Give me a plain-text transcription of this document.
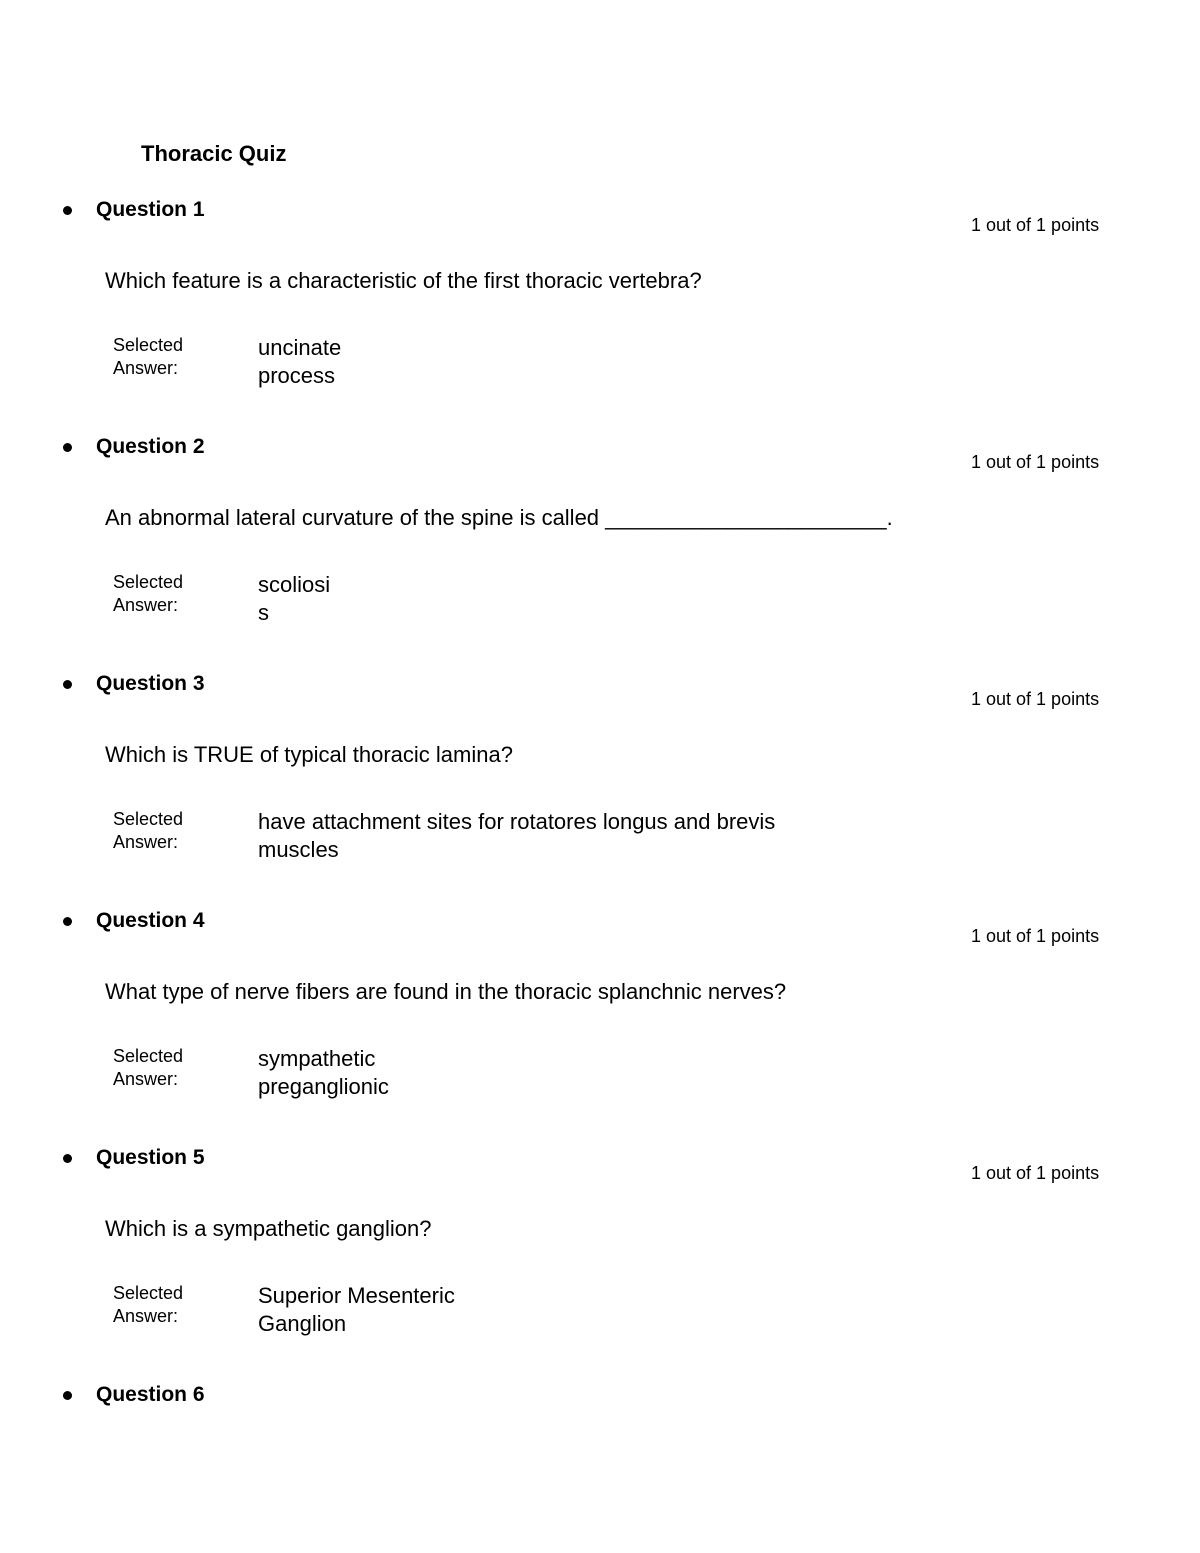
Thoracic Quiz
Question 1
1 out of 1 points
Which feature is a characteristic of the first thoracic vertebra?
Selected Answer:
uncinate process
Question 2
1 out of 1 points
An abnormal lateral curvature of the spine is called _______________________.
Selected Answer:
scoliosis
Question 3
1 out of 1 points
Which is TRUE of typical thoracic lamina?
Selected Answer:
have attachment sites for rotatores longus and brevis muscles
Question 4
1 out of 1 points
What type of nerve fibers are found in the thoracic splanchnic nerves?
Selected Answer:
sympathetic preganglionic
Question 5
1 out of 1 points
Which is a sympathetic ganglion?
Selected Answer:
Superior Mesenteric Ganglion
Question 6
